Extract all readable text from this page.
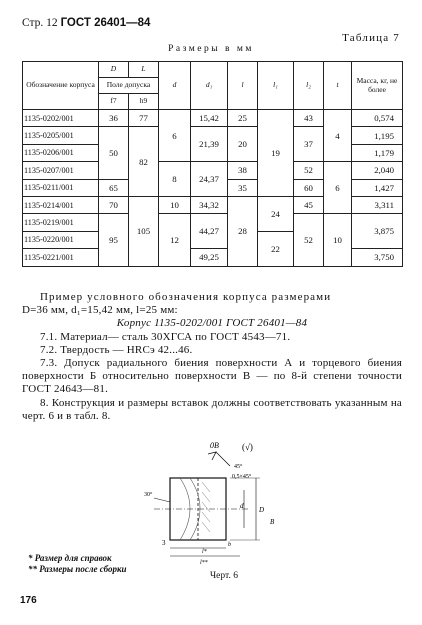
Стр. 12 ГОСТ 26401—84
Таблица 7
Размеры в мм
Обозначение корпуса	D	L	d	d₁	l	l₁	l₂	t	Масса, кг, не более
	Поле допуска								
	f7	h9							
1135-0202/001	36	77	6	15,42	25	19	43	4	0,574
1135-0205/001	50	82		21,39	20		37		1,195
1135-0206/001									1,179
1135-0207/001			8	24,37	38		52	6	2,040
1135-0211/001	65				35		60		1,427
1135-0214/001	70	105	10	34,32	28	24	45		3,311
1135-0219/001	95		12	44,27			52	10	3,875
1135-0220/001						22			
1135-0221/001				49,25					3,750
Пример условного обозначения корпуса размерами
D=36 мм, d₁=15,42 мм, l=25 мм:
Корпус 1135-0202/001 ГОСТ 26401—84
7.1. Материал— сталь 30ХГСА по ГОСТ 4543—71.
7.2. Твердость — HRCэ 42...46.
7.3. Допуск радиального биения поверхности А и торцевого биения поверхности Б относительно поверхности В — по 8-й степени точности ГОСТ 24643—81.
8. Конструкция и размеры вставок должны соответствовать указанным на черт. 6 и в табл. 8.
0B	(√)
45°
0,5×45°
30°
D
d
B
b
3
l*
l**
* Размер для справок
** Размеры после сборки
Черт. 6
176
